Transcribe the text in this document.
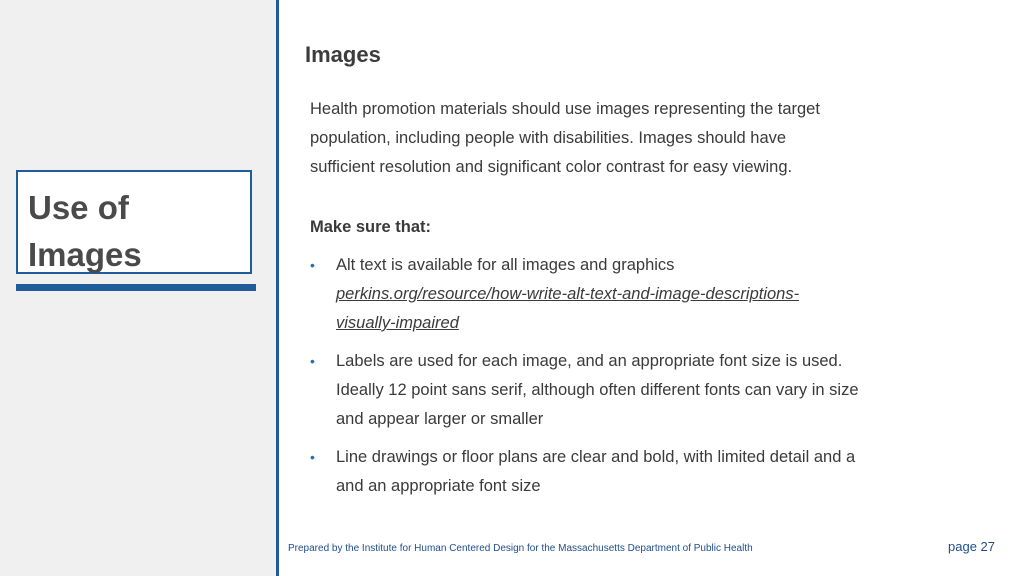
Use of
Images

Images

Health promotion materials should use images representing the target
population, including people with disabilities. Images should have
sufficient resolution and significant color contrast for easy viewing.

Make sure that:

• Alt text is available for all images and graphics
perkins.org/resource/how-write-alt-text-and-image-descriptions-
visually-impaired
• Labels are used for each image, and an appropriate font size is used.
Ideally 12 point sans serif, although often different fonts can vary in size
and appear larger or smaller
• Line drawings or floor plans are clear and bold, with limited detail and a
and an appropriate font size

Prepared by the Institute for Human Centered Design for the Massachusetts Department of Public Health	page 27
